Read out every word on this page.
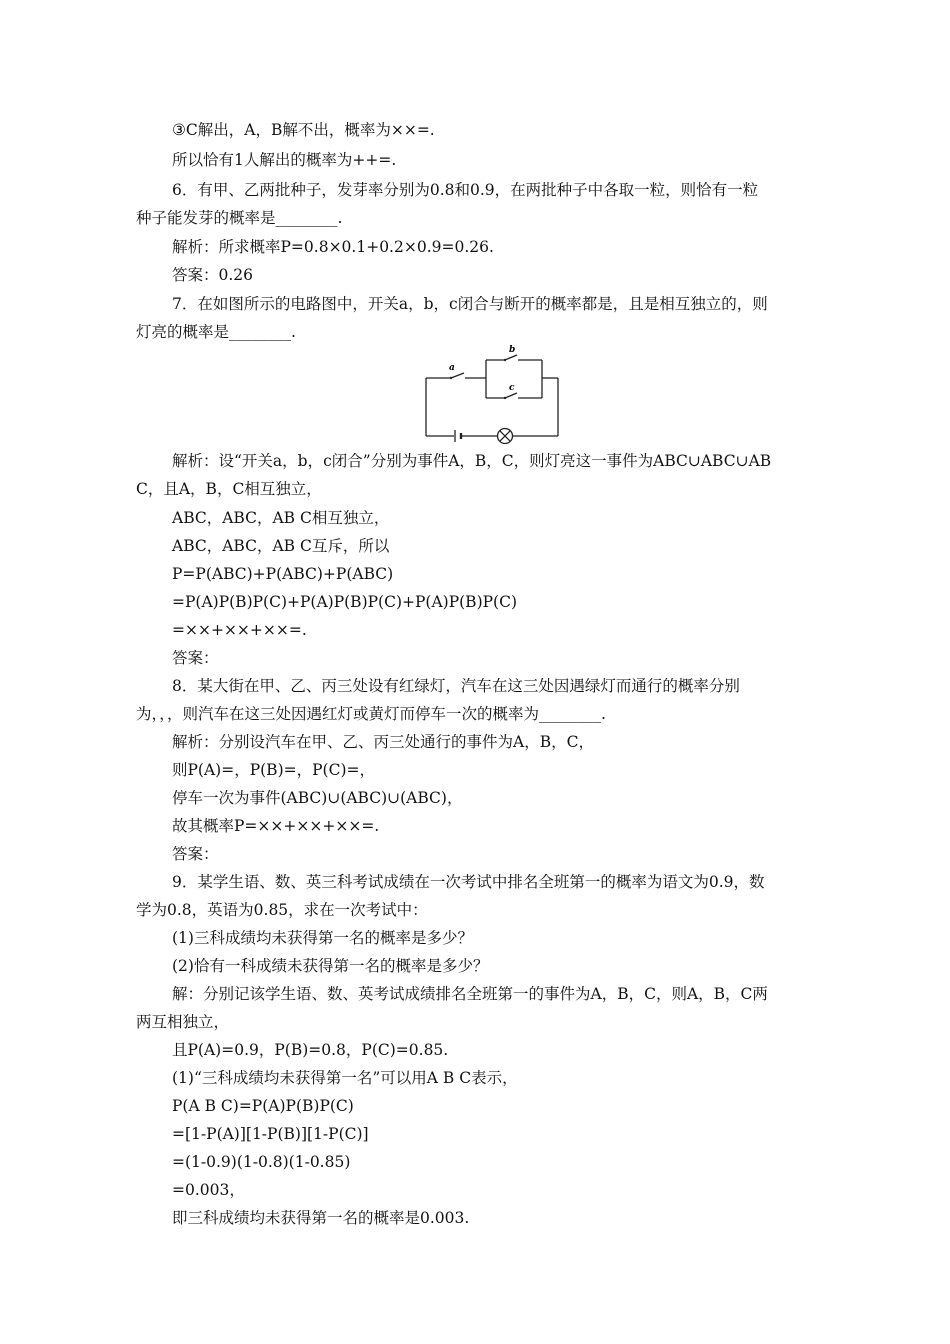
③C解出，A，B解不出，概率为××=.
所以恰有1人解出的概率为++=.
6．有甲、乙两批种子，发芽率分别为0.8和0.9，在两批种子中各取一粒，则恰有一粒
种子能发芽的概率是________.
解析：所求概率P=0.8×0.1+0.2×0.9=0.26.
答案：0.26
7．在如图所示的电路图中，开关a，b，c闭合与断开的概率都是，且是相互独立的，则
灯亮的概率是________.
a
b
c
解析：设“开关a，b，c闭合”分别为事件A，B，C，则灯亮这一事件为ABC∪ABC∪AB
C，且A，B，C相互独立，
ABC，ABC，AB C相互独立，
ABC，ABC，AB C互斥，所以
P=P(ABC)+P(ABC)+P(ABC)
=P(A)P(B)P(C)+P(A)P(B)P(C)+P(A)P(B)P(C)
=××+××+××=.
答案：
8．某大街在甲、乙、丙三处设有红绿灯，汽车在这三处因遇绿灯而通行的概率分别
为，，，则汽车在这三处因遇红灯或黄灯而停车一次的概率为________.
解析：分别设汽车在甲、乙、丙三处通行的事件为A，B，C，
则P(A)=，P(B)=，P(C)=，
停车一次为事件(ABC)∪(ABC)∪(ABC)，
故其概率P=××+××+××=.
答案：
9．某学生语、数、英三科考试成绩在一次考试中排名全班第一的概率为语文为0.9，数
学为0.8，英语为0.85，求在一次考试中：
(1)三科成绩均未获得第一名的概率是多少？
(2)恰有一科成绩未获得第一名的概率是多少？
解：分别记该学生语、数、英考试成绩排名全班第一的事件为A，B，C，则A，B，C两
两互相独立，
且P(A)=0.9，P(B)=0.8，P(C)=0.85.
(1)“三科成绩均未获得第一名”可以用A B C表示，
P(A B C)=P(A)P(B)P(C)
=[1-P(A)][1-P(B)][1-P(C)]
=(1-0.9)(1-0.8)(1-0.85)
=0.003，
即三科成绩均未获得第一名的概率是0.003.
